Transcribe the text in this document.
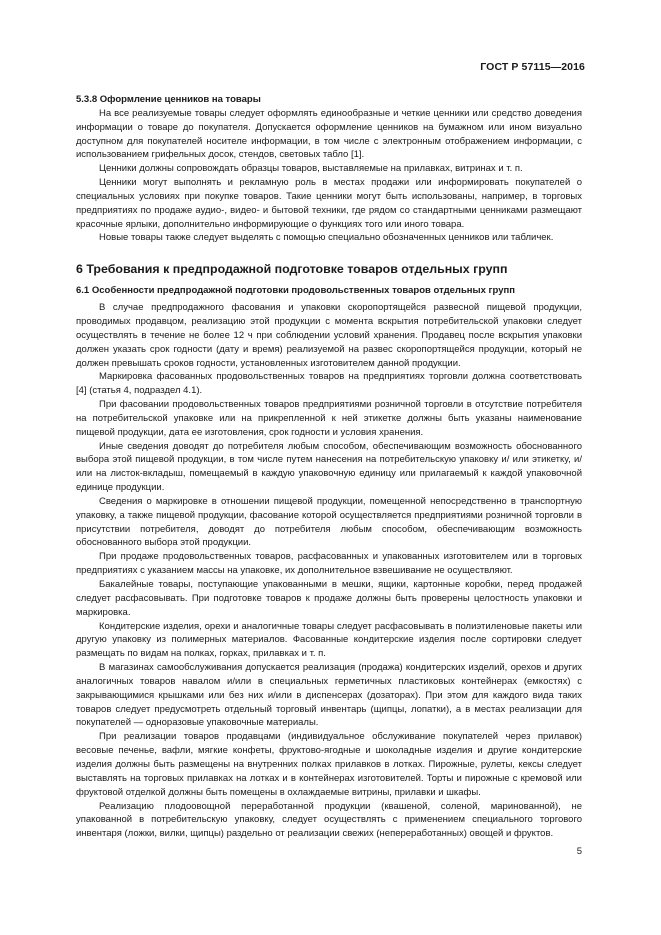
ГОСТ Р 57115—2016
5.3.8 Оформление ценников на товары

На все реализуемые товары следует оформлять единообразные и четкие ценники или средство доведения информации о товаре до покупателя. Допускается оформление ценников на бумажном или ином визуально доступном для покупателей носителе информации, в том числе с электронным отображением информации, с использованием грифельных досок, стендов, световых табло [1].

Ценники должны сопровождать образцы товаров, выставляемые на прилавках, витринах и т. п.

Ценники могут выполнять и рекламную роль в местах продажи или информировать покупателей о специальных условиях при покупке товаров. Такие ценники могут быть использованы, например, в торговых предприятиях по продаже аудио-, видео- и бытовой техники, где рядом со стандартными ценниками размещают красочные ярлыки, дополнительно информирующие о функциях того или иного товара.

Новые товары также следует выделять с помощью специально обозначенных ценников или табличек.

6 Требования к предпродажной подготовке товаров отдельных групп
6.1 Особенности предпродажной подготовки продовольственных товаров отдельных групп

В случае предпродажного фасования и упаковки скоропортящейся развесной пищевой продукции, проводимых продавцом, реализацию этой продукции с момента вскрытия потребительской упаковки следует осуществлять в течение не более 12 ч при соблюдении условий хранения. Продавец после вскрытия упаковки должен указать срок годности (дату и время) реализуемой на развес скоропортящейся продукции, который не должен превышать сроков годности, установленных изготовителем данной продукции.

Маркировка фасованных продовольственных товаров на предприятиях торговли должна соответствовать [4] (статья 4, подраздел 4.1).

При фасовании продовольственных товаров предприятиями розничной торговли в отсутствие потребителя на потребительской упаковке или на прикрепленной к ней этикетке должны быть указаны наименование пищевой продукции, дата ее изготовления, срок годности и условия хранения.

Иные сведения доводят до потребителя любым способом, обеспечивающим возможность обоснованного выбора этой пищевой продукции, в том числе путем нанесения на потребительскую упаковку и/ или этикетку, и/или на листок-вкладыш, помещаемый в каждую упаковочную единицу или прилагаемый к каждой упаковочной единице продукции.

Сведения о маркировке в отношении пищевой продукции, помещенной непосредственно в транспортную упаковку, а также пищевой продукции, фасование которой осуществляется предприятиями розничной торговли в присутствии потребителя, доводят до потребителя любым способом, обеспечивающим возможность обоснованного выбора этой продукции.

При продаже продовольственных товаров, расфасованных и упакованных изготовителем или в торговых предприятиях с указанием массы на упаковке, их дополнительное взвешивание не осуществляют.

Бакалейные товары, поступающие упакованными в мешки, ящики, картонные коробки, перед продажей следует расфасовывать. При подготовке товаров к продаже должны быть проверены целостность упаковки и маркировка.

Кондитерские изделия, орехи и аналогичные товары следует расфасовывать в полиэтиленовые пакеты или другую упаковку из полимерных материалов. Фасованные кондитерские изделия после сортировки следует размещать по видам на полках, горках, прилавках и т. п.

В магазинах самообслуживания допускается реализация (продажа) кондитерских изделий, орехов и других аналогичных товаров навалом и/или в специальных герметичных пластиковых контейнерах (емкостях) с закрывающимися крышками или без них и/или в диспенсерах (дозаторах). При этом для каждого вида таких товаров следует предусмотреть отдельный торговый инвентарь (щипцы, лопатки), а в местах реализации для покупателей — одноразовые упаковочные материалы.

При реализации товаров продавцами (индивидуальное обслуживание покупателей через прилавок) весовые печенье, вафли, мягкие конфеты, фруктово-ягодные и шоколадные изделия и другие кондитерские изделия должны быть размещены на внутренних полках прилавков в лотках. Пирожные, рулеты, кексы следует выставлять на торговых прилавках на лотках и в контейнерах изготовителей. Торты и пирожные с кремовой или фруктовой отделкой должны быть помещены в охлаждаемые витрины, прилавки и шкафы.

Реализацию плодоовощной переработанной продукции (квашеной, соленой, маринованной), не упакованной в потребительскую упаковку, следует осуществлять с применением специального торгового инвентаря (ложки, вилки, щипцы) раздельно от реализации свежих (непереработанных) овощей и фруктов.

5
